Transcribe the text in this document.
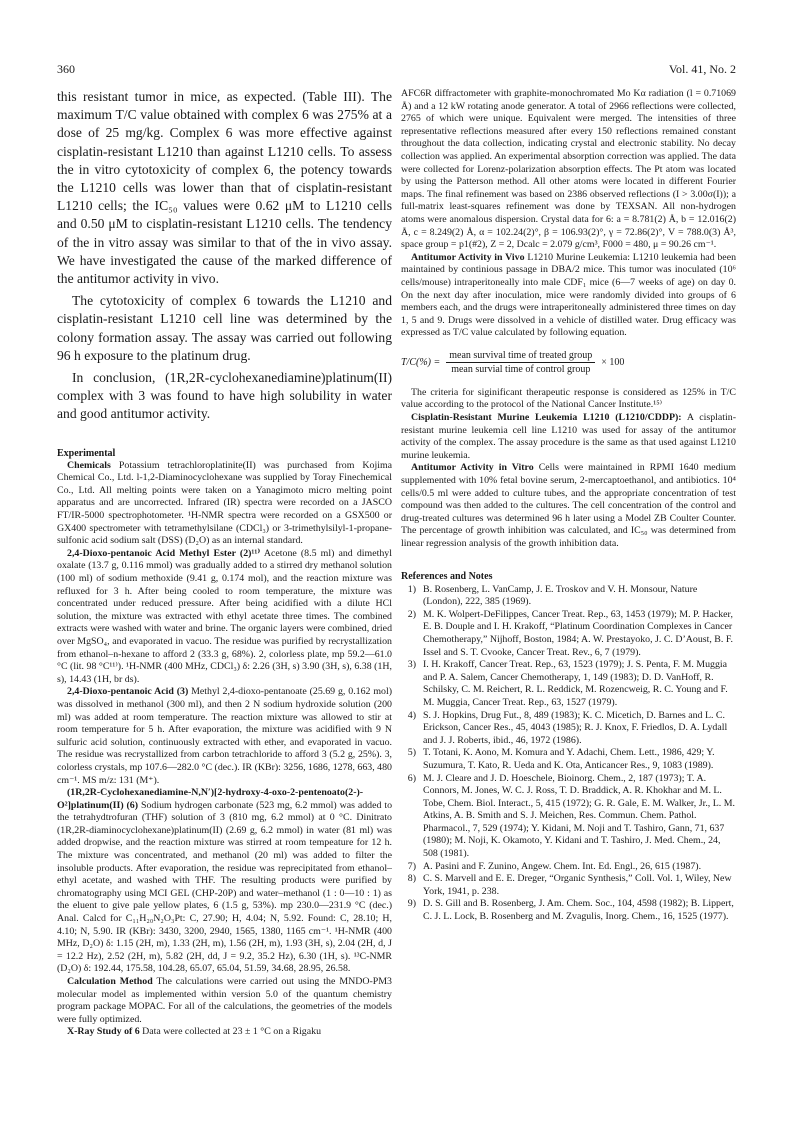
360	Vol. 41, No. 2

this resistant tumor in mice, as expected. (Table III). The maximum T/C value obtained with complex 6 was 275% at a dose of 25 mg/kg. Complex 6 was more effective against cisplatin-resistant L1210 than against L1210 cells. To assess the in vitro cytotoxicity of complex 6, the potency towards the L1210 cells was lower than that of cisplatin-resistant L1210 cells; the IC₅₀ values were 0.62 μM to L1210 cells and 0.50 μM to cisplatin-resistant L1210 cells. The tendency of the in vitro assay was similar to that of the in vivo assay. We have investigated the cause of the marked difference of the antitumor activity in vivo.

The cytotoxicity of complex 6 towards the L1210 and cisplatin-resistant L1210 cell line was determined by the colony formation assay. The assay was carried out following 96 h exposure to the platinum drug.

In conclusion, (1R,2R-cyclohexanediamine)platinum(II) complex with 3 was found to have high solubility in water and good antitumor activity.

Experimental

Chemicals Potassium tetrachloroplatinite(II) was purchased from Kojima Chemical Co., Ltd. l-1,2-Diaminocyclohexane was supplied by Toray Finechemical Co., Ltd. All melting points were taken on a Yanagimoto micro melting point apparatus and are uncorrected. Infrared (IR) spectra were recorded on a JASCO FT/IR-5000 spectrophotometer. ¹H-NMR spectra were recorded on a GSX500 or GX400 spectrometer with tetramethylsilane (CDCl₃) or 3-trimethylsilyl-1-propane-sulfonic acid sodium salt (DSS) (D₂O) as an internal standard.

2,4-Dioxo-pentanoic Acid Methyl Ester (2)¹¹⁾ Acetone (8.5 ml) and dimethyl oxalate (13.7 g, 0.116 mmol) was gradually added to a stirred dry methanol solution (100 ml) of sodium methoxide (9.41 g, 0.174 mol), and the reaction mixture was refluxed for 3 h. After being cooled to room temperature, the mixture was concentrated under reduced pressure. After being acidified with a dilute HCl solution, the mixture was extracted with ethyl acetate three times. The combined extracts were washed with water and brine. The organic layers were combined, dried over MgSO₄, and evaporated in vacuo. The residue was purified by recrystallization from ethanol–n-hexane to afford 2 (33.3 g, 68%). 2, colorless plate, mp 59.2—61.0 °C (lit. 98 °C¹¹⁾). ¹H-NMR (400 MHz, CDCl₃) δ: 2.26 (3H, s) 3.90 (3H, s), 6.38 (1H, s), 14.43 (1H, br ds).

2,4-Dioxo-pentanoic Acid (3) Methyl 2,4-dioxo-pentanoate (25.69 g, 0.162 mol) was dissolved in methanol (300 ml), and then 2 N sodium hydroxide solution (200 ml) was added at room temperature. The reaction mixture was allowed to stir at room temperature for 5 h. After evaporation, the mixture was acidified with 9 N sulfuric acid solution, continuously extracted with ether, and evaporated in vacuo. The residue was recrystallized from carbon tetrachloride to afford 3 (5.2 g, 25%). 3, colorless crystals, mp 107.6—282.0 °C (dec.). IR (KBr): 3256, 1686, 1278, 663, 480 cm⁻¹. MS m/z: 131 (M⁺).

(1R,2R-Cyclohexanediamine-N,N′)[2-hydroxy-4-oxo-2-pentenoato(2-)-O²]platinum(II) (6) Sodium hydrogen carbonate (523 mg, 6.2 mmol) was added to the tetrahydtrofuran (THF) solution of 3 (810 mg, 6.2 mmol) at 0 °C. Dinitrato (1R,2R-diaminocyclohexane)platinum(II) (2.69 g, 6.2 mmol) in water (81 ml) was added dropwise, and the reaction mixture was stirred at room tempeature for 12 h. The mixture was concentrated, and methanol (20 ml) was added to filter the insoluble products. After evaporation, the residue was reprecipitated from ethanol–ethyl acetate, and washed with THF. The resulting products were purified by chromatography using MCI GEL (CHP-20P) and water–methanol (1 : 0—10 : 1) as the eluent to give pale yellow plates, 6 (1.5 g, 53%). mp 230.0—231.9 °C (dec.) Anal. Calcd for C₁₁H₂₀N₂O₃Pt: C, 27.90; H, 4.04; N, 5.92. Found: C, 28.10; H, 4.10; N, 5.90. IR (KBr): 3430, 3200, 2940, 1565, 1380, 1165 cm⁻¹. ¹H-NMR (400 MHz, D₂O) δ: 1.15 (2H, m), 1.33 (2H, m), 1.56 (2H, m), 1.93 (3H, s), 2.04 (2H, d, J = 12.2 Hz), 2.52 (2H, m), 5.82 (2H, dd, J = 9.2, 35.2 Hz), 6.30 (1H, s). ¹³C-NMR (D₂O) δ: 192.44, 175.58, 104.28, 65.07, 65.04, 51.59, 34.68, 28.95, 26.58.

Calculation Method The calculations were carried out using the MNDO-PM3 molecular model as implemented within version 5.0 of the quantum chemistry program package MOPAC. For all of the calculations, the geometries of the models were fully optimized.

X-Ray Study of 6 Data were collected at 23 ± 1 °C on a Rigaku

AFC6R diffractometer with graphite-monochromated Mo Kα radiation (l = 0.71069 Å) and a 12 kW rotating anode generator. A total of 2966 reflections were collected, 2765 of which were unique. Equivalent were merged. The intensities of three representative reflections measured after every 150 reflections remained constant throughout the data collection, indicating crystal and electronic stability. No decay collection was applied. An experimental absorption correction was applied. The data were collected for Lorenz-polarization absorption effects. The Pt atom was located by using the Patterson method. All other atoms were located in different Fourier maps. The final refinement was based on 2386 observed reflections (I > 3.00σ(I)); a full-matrix least-squares refinement was done by TEXSAN. All non-hydrogen atoms were anomalous dispersion. Crystal data for 6: a = 8.781(2) Å, b = 12.016(2) Å, c = 8.249(2) Å, α = 102.24(2)°, β = 106.93(2)°, γ = 72.86(2)°, V = 788.0(3) Å³, space group = p1(#2), Z = 2, Dcalc = 2.079 g/cm³, F000 = 480, μ = 90.26 cm⁻¹.

Antitumor Activity in Vivo L1210 Murine Leukemia: L1210 leukemia had been maintained by continious passage in DBA/2 mice. This tumor was inoculated (10⁶ cells/mouse) intraperitoneally into male CDF₁ mice (6—7 weeks of age) on day 0. On the next day after inoculation, mice were randomly divided into groups of 6 members each, and the drugs were intraperitoneally administered three times on day 1, 5 and 9. Drugs were dissolved in a vehicle of distilled water. Drug efficacy was expressed as T/C value calculated by following equation.

$T/C(\%) = \frac{\text{mean survival time of treated group}}{\text{mean survial time of control group}} \times 100$

The criteria for siginificant therapeutic response is considered as 125% in T/C value according to the protocol of the National Cancer Institute.¹⁵⁾

Cisplatin-Resistant Murine Leukemia L1210 (L1210/CDDP): A cisplatin-resistant murine leukemia cell line L1210 was used for assay of the antitumor activity of the complex. The assay procedure is the same as that used against L1210 murine leukemia.

Antitumor Activity in Vitro Cells were maintained in RPMI 1640 medium supplemented with 10% fetal bovine serum, 2-mercaptoethanol, and antibiotics. 10⁴ cells/0.5 ml were added to culture tubes, and the appropriate concentration of test compound was then added to the cultures. The cell concentration of the control and drug-treated cultures was determined 96 h later using a Model ZB Coulter Counter. The percentage of growth inhibition was calculated, and IC₅₀ was determined from linear regression analysis of the growth inhibition data.

References and Notes
1) B. Rosenberg, L. VanCamp, J. E. Troskov and V. H. Monsour, Nature (London), 222, 385 (1969).
2) M. K. Wolpert-DeFilippes, Cancer Treat. Rep., 63, 1453 (1979); M. P. Hacker, E. B. Douple and I. H. Krakoff, “Platinum Coordination Complexes in Cancer Chemotherapy,” Nijhoff, Boston, 1984; A. W. Prestayoko, J. C. D’Aoust, B. F. Issel and S. T. Cvooke, Cancer Treat. Rev., 6, 7 (1979).
3) I. H. Krakoff, Cancer Treat. Rep., 63, 1523 (1979); J. S. Penta, F. M. Muggia and P. A. Salem, Cancer Chemotherapy, 1, 149 (1983); D. D. VanHoff, R. Schilsky, C. M. Reichert, R. L. Reddick, M. Rozencweig, R. C. Young and F. M. Muggia, Cancer Treat. Rep., 63, 1527 (1979).
4) S. J. Hopkins, Drug Fut., 8, 489 (1983); K. C. Micetich, D. Barnes and L. C. Erickson, Cancer Res., 45, 4043 (1985); R. J. Knox, F. Friedlos, D. A. Lydall and J. J. Roberts, ibid., 46, 1972 (1986).
5) T. Totani, K. Aono, M. Komura and Y. Adachi, Chem. Lett., 1986, 429; Y. Suzumura, T. Kato, R. Ueda and K. Ota, Anticancer Res., 9, 1083 (1989).
6) M. J. Cleare and J. D. Hoeschele, Bioinorg. Chem., 2, 187 (1973); T. A. Connors, M. Jones, W. C. J. Ross, T. D. Braddick, A. R. Khokhar and M. L. Tobe, Chem. Biol. Interact., 5, 415 (1972); G. R. Gale, E. M. Walker, Jr., L. M. Atkins, A. B. Smith and S. J. Meichen, Res. Commun. Chem. Pathol. Pharmacol., 7, 529 (1974); Y. Kidani, M. Noji and T. Tashiro, Gann, 71, 637 (1980); M. Noji, K. Okamoto, Y. Kidani and T. Tashiro, J. Med. Chem., 24, 508 (1981).
7) A. Pasini and F. Zunino, Angew. Chem. Int. Ed. Engl., 26, 615 (1987).
8) C. S. Marvell and E. E. Dreger, “Organic Synthesis,” Coll. Vol. 1, Wiley, New York, 1941, p. 238.
9) D. S. Gill and B. Rosenberg, J. Am. Chem. Soc., 104, 4598 (1982); B. Lippert, C. J. L. Lock, B. Rosenberg and M. Zvagulis, Inorg. Chem., 16, 1525 (1977).
